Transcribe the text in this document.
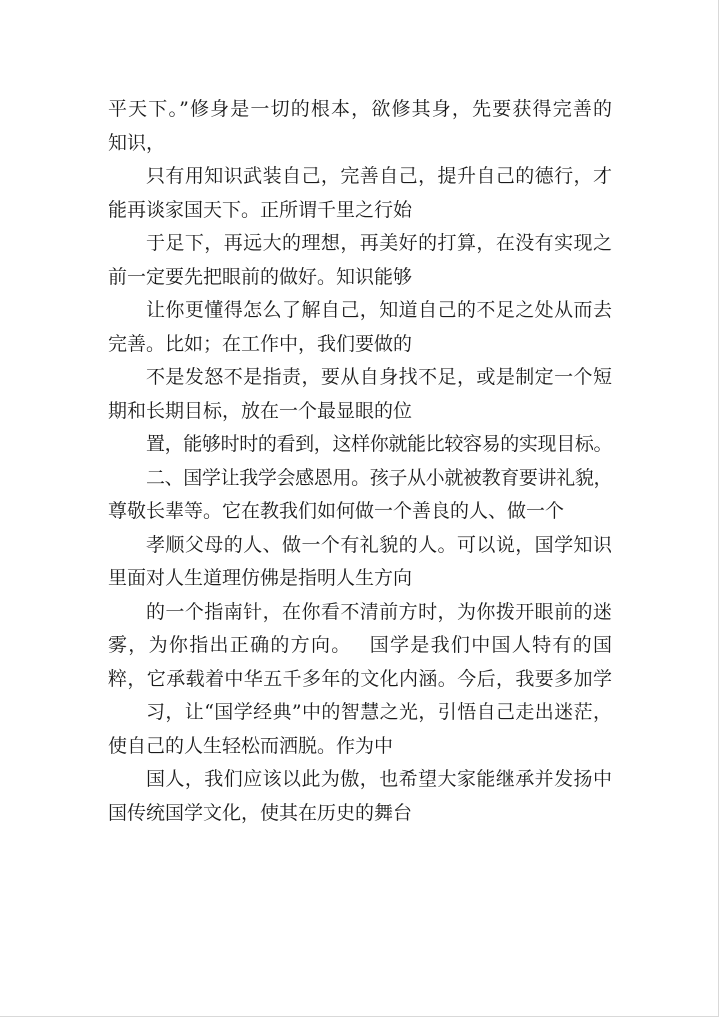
平天下。”修身是一切的根本，欲修其身，先要获得完善的
知识，
只有用知识武装自己，完善自己，提升自己的德行，才
能再谈家国天下。正所谓千里之行始
于足下，再远大的理想，再美好的打算，在没有实现之
前一定要先把眼前的做好。知识能够
让你更懂得怎么了解自己，知道自己的不足之处从而去
完善。比如；在工作中，我们要做的
不是发怒不是指责，要从自身找不足，或是制定一个短
期和长期目标，放在一个最显眼的位
置，能够时时的看到，这样你就能比较容易的实现目标。
二、国学让我学会感恩用。孩子从小就被教育要讲礼貌，
尊敬长辈等。它在教我们如何做一个善良的人、做一个
孝顺父母的人、做一个有礼貌的人。可以说，国学知识
里面对人生道理仿佛是指明人生方向
的一个指南针，在你看不清前方时，为你拨开眼前的迷
雾，为你指出正确的方向。　 国学是我们中国人特有的国
粹，它承载着中华五千多年的文化内涵。今后，我要多加学
习，让“国学经典”中的智慧之光，引悟自己走出迷茫，
使自己的人生轻松而洒脱。作为中
国人，我们应该以此为傲，也希望大家能继承并发扬中
国传统国学文化，使其在历史的舞台
